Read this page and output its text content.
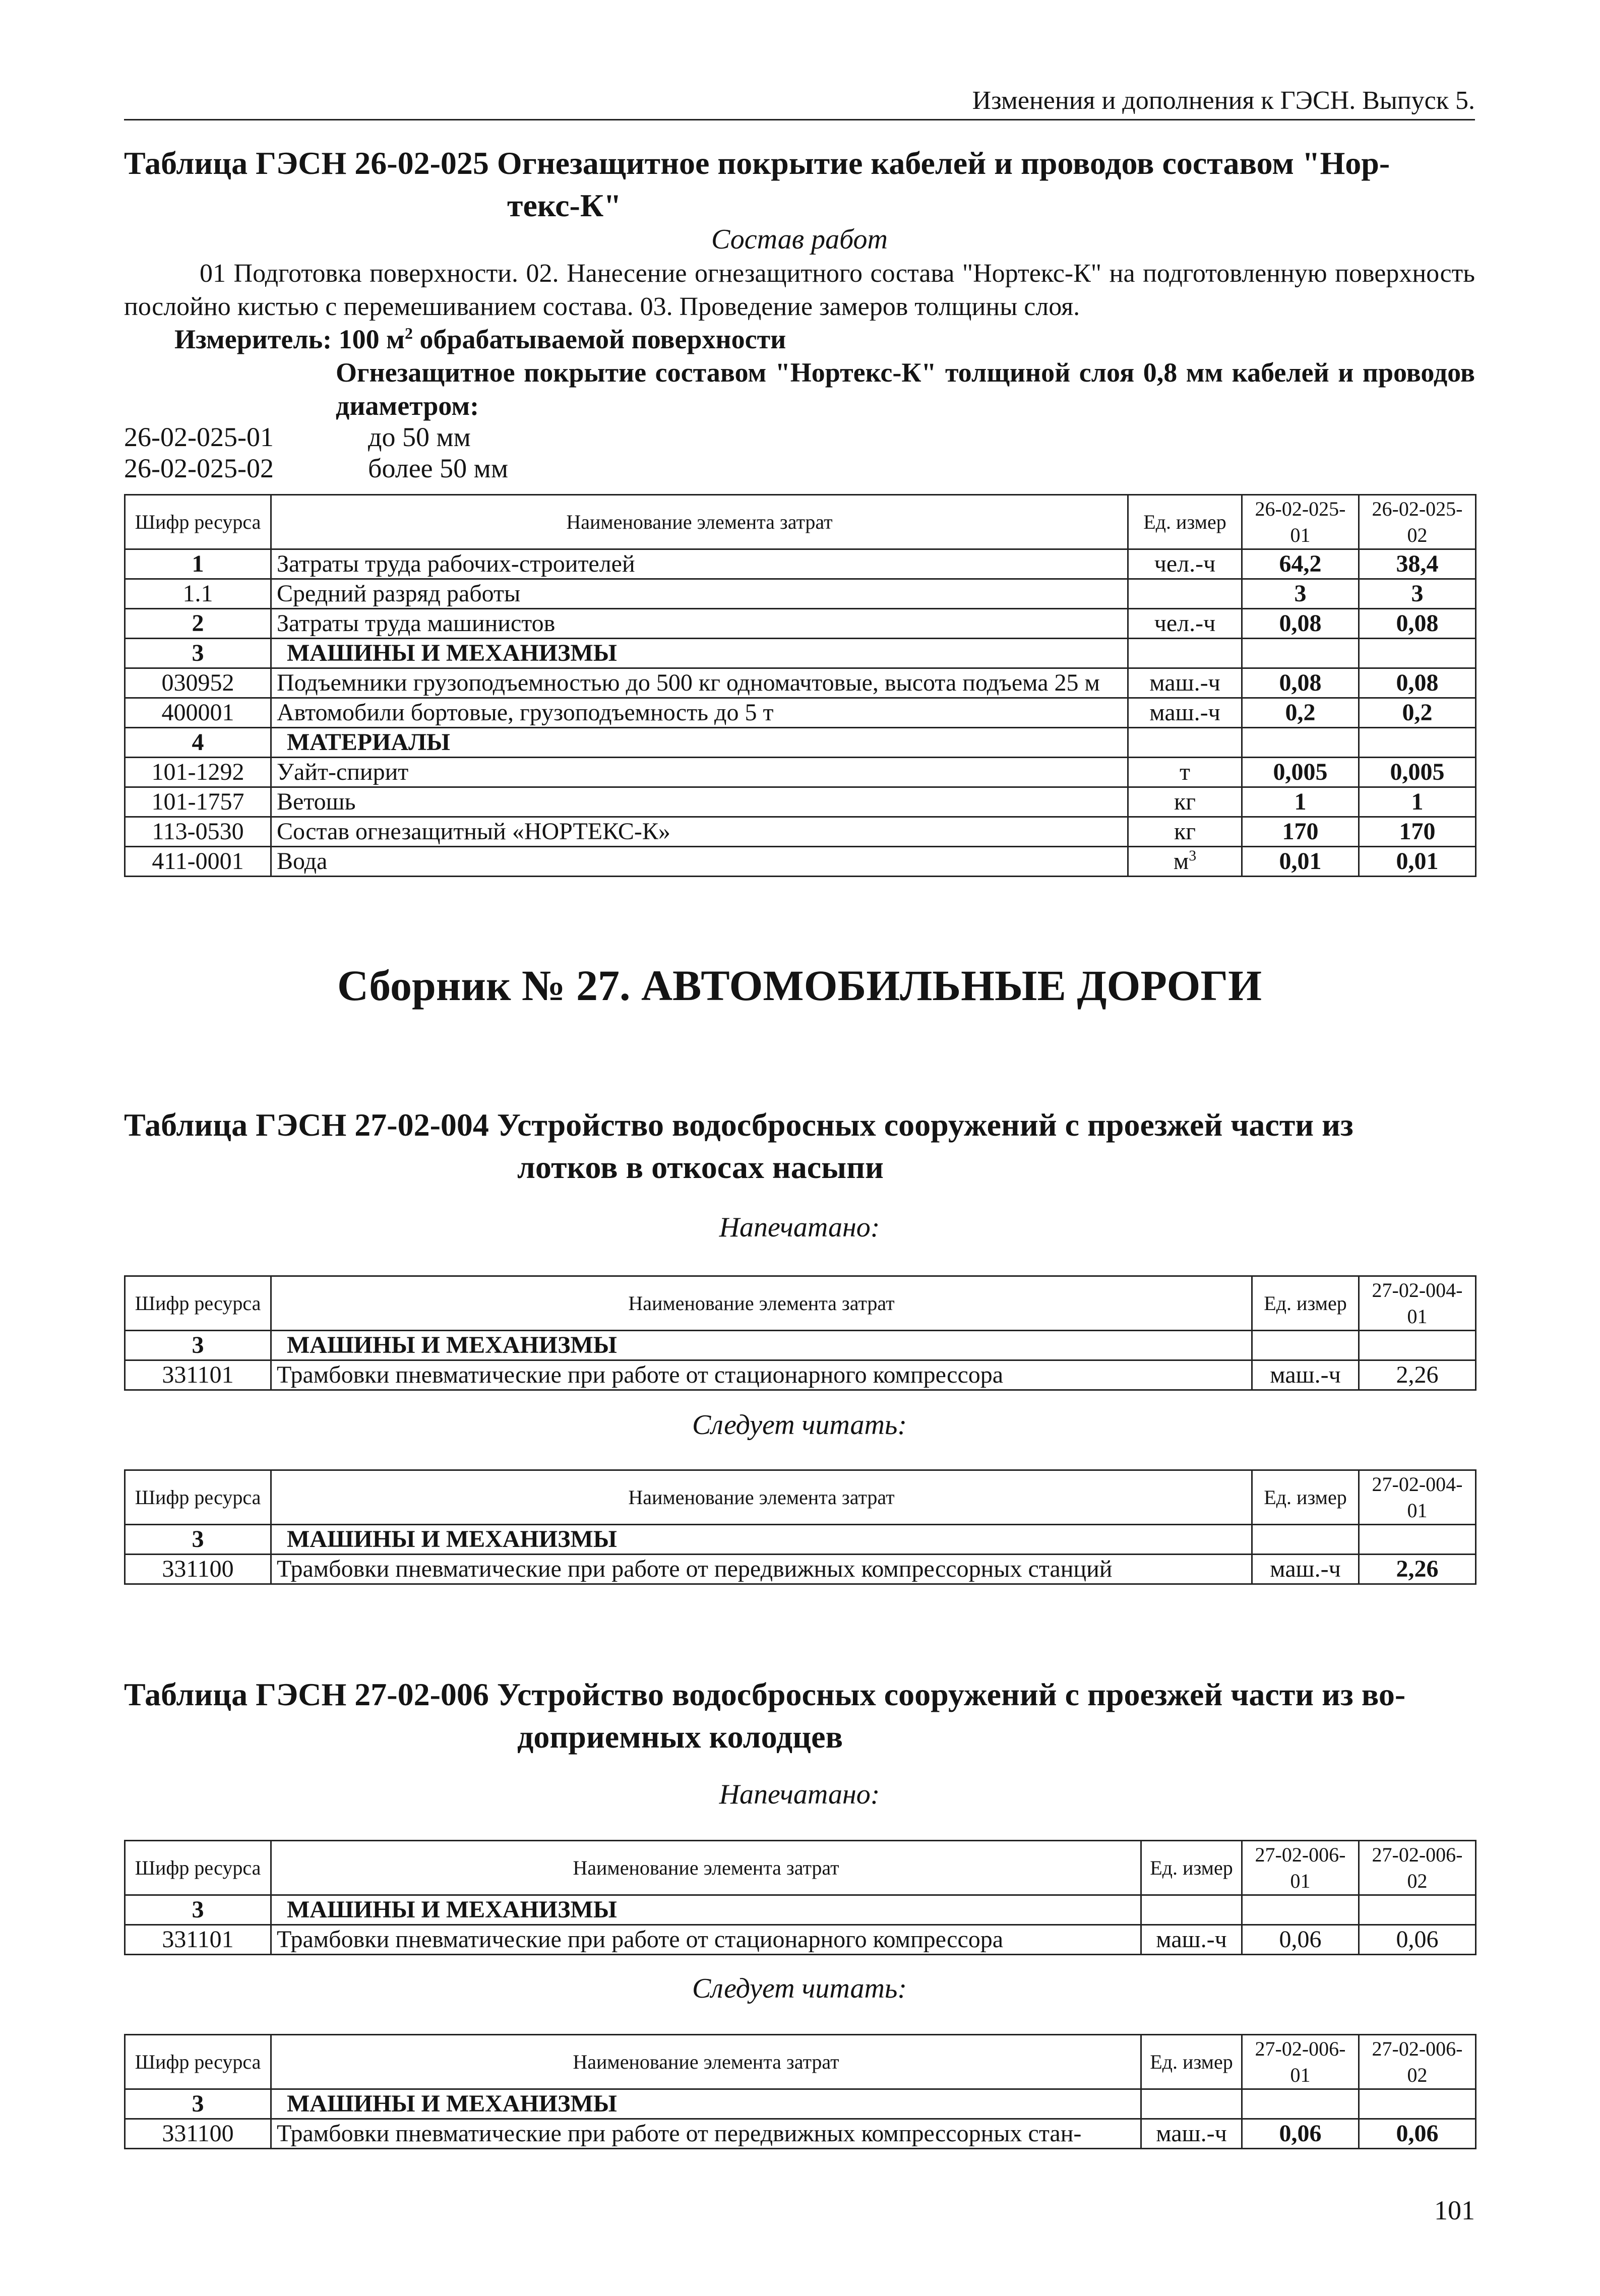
Изменения и дополнения к ГЭСН. Выпуск 5.
Таблица ГЭСН 26-02-025 Огнезащитное покрытие кабелей и проводов составом "Нор-
текс-К"
Состав работ
01 Подготовка поверхности. 02. Нанесение огнезащитного состава "Нортекс-К" на подготовленную поверхность послойно кистью с перемешиванием состава. 03. Проведение замеров толщины слоя.
Измеритель: 100 $м^2$ обрабатываемой поверхности
Огнезащитное покрытие составом "Нортекс-К" толщиной слоя 0,8 мм кабелей и проводов диаметром:
26-02-025-01	до 50 мм
26-02-025-02	более 50 мм
Шифр ресурса	Наименование элемента затрат	Ед. измер	26-02-025-01	26-02-025-02
1	Затраты труда рабочих-строителей	чел.-ч	64,2	38,4
1.1	Средний разряд работы		3	3
2	Затраты труда машинистов	чел.-ч	0,08	0,08
3	МАШИНЫ И МЕХАНИЗМЫ			
030952	Подъемники грузоподъемностью до 500 кг одномачтовые, высота подъема 25 м	маш.-ч	0,08	0,08
400001	Автомобили бортовые, грузоподъемность до 5 т	маш.-ч	0,2	0,2
4	МАТЕРИАЛЫ			
101-1292	Уайт-спирит	т	0,005	0,005
101-1757	Ветошь	кг	1	1
113-0530	Состав огнезащитный «НОРТЕКС-К»	кг	170	170
411-0001	Вода	$м^3$	0,01	0,01
Сборник № 27. АВТОМОБИЛЬНЫЕ ДОРОГИ
Таблица ГЭСН 27-02-004 Устройство водосбросных сооружений с проезжей части из
лотков в откосах насыпи
Напечатано:
Шифр ресурса	Наименование элемента затрат	Ед. измер	27-02-004-01
3	МАШИНЫ И МЕХАНИЗМЫ		
331101	Трамбовки пневматические при работе от стационарного компрессора	маш.-ч	2,26
Следует читать:
Шифр ресурса	Наименование элемента затрат	Ед. измер	27-02-004-01
3	МАШИНЫ И МЕХАНИЗМЫ		
331100	Трамбовки пневматические при работе от передвижных компрессорных станций	маш.-ч	2,26
Таблица ГЭСН 27-02-006 Устройство водосбросных сооружений с проезжей части из во-
доприемных колодцев
Напечатано:
Шифр ресурса	Наименование элемента затрат	Ед. измер	27-02-006-01	27-02-006-02
3	МАШИНЫ И МЕХАНИЗМЫ			
331101	Трамбовки пневматические при работе от стационарного компрессора	маш.-ч	0,06	0,06
Следует читать:
Шифр ресурса	Наименование элемента затрат	Ед. измер	27-02-006-01	27-02-006-02
3	МАШИНЫ И МЕХАНИЗМЫ			
331100	Трамбовки пневматические при работе от передвижных компрессорных стан-	маш.-ч	0,06	0,06
101
